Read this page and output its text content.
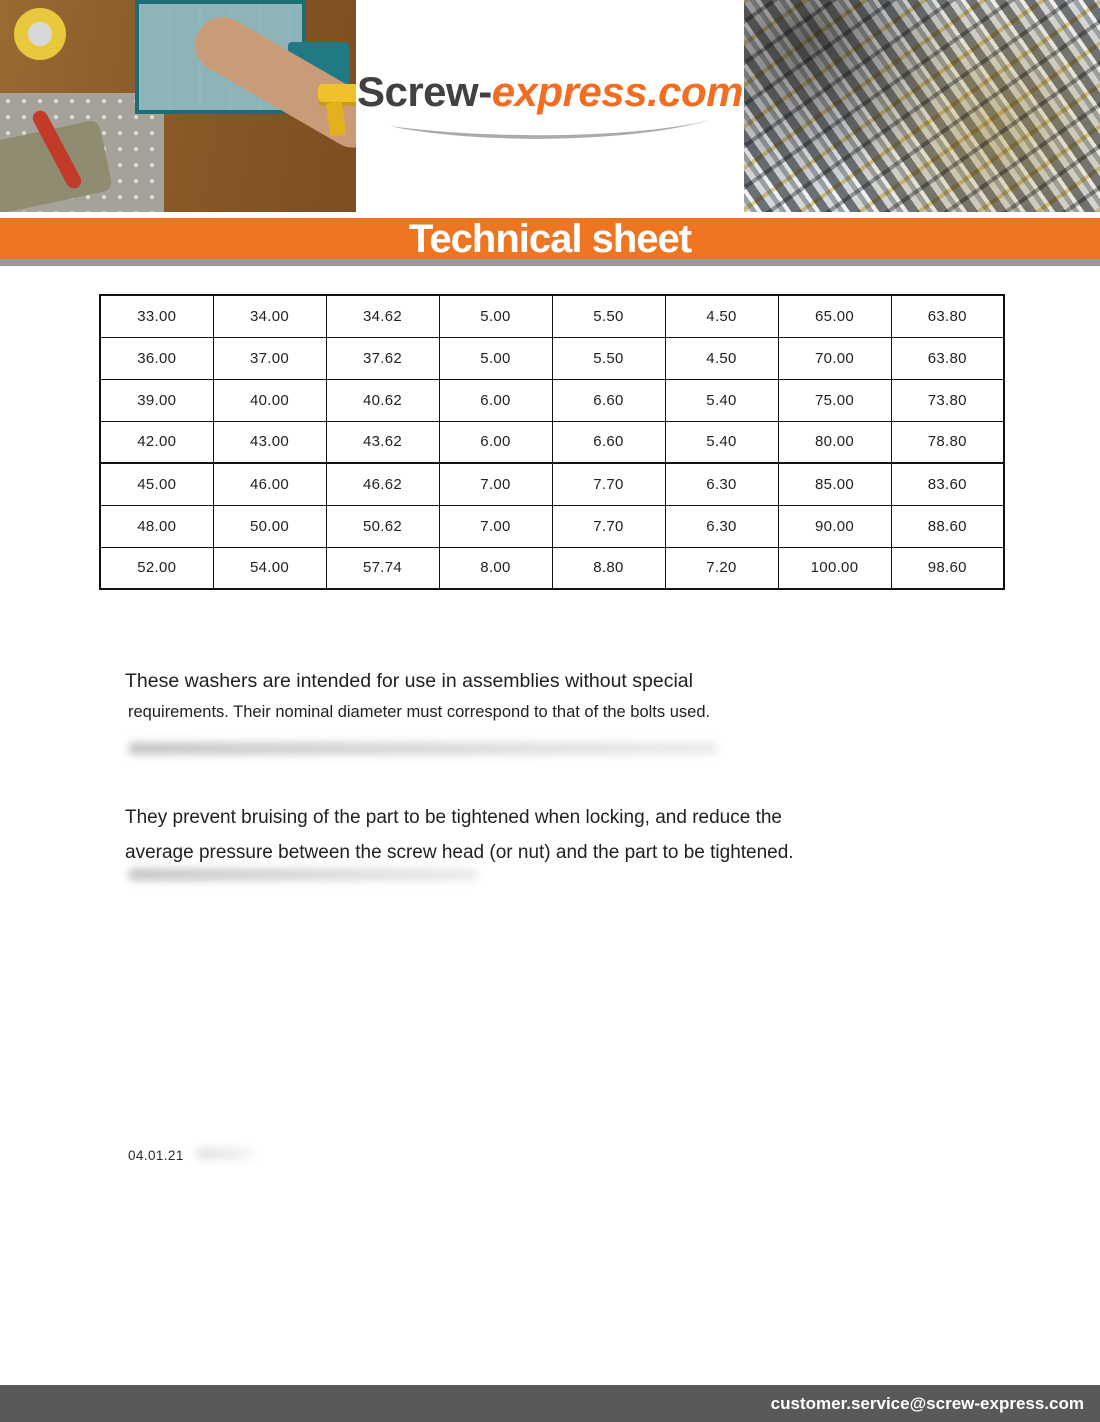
Screw-express.com
Technical sheet
33.00	34.00	34.62	5.00	5.50	4.50	65.00	63.80
36.00	37.00	37.62	5.00	5.50	4.50	70.00	63.80
39.00	40.00	40.62	6.00	6.60	5.40	75.00	73.80
42.00	43.00	43.62	6.00	6.60	5.40	80.00	78.80
45.00	46.00	46.62	7.00	7.70	6.30	85.00	83.60
48.00	50.00	50.62	7.00	7.70	6.30	90.00	88.60
52.00	54.00	57.74	8.00	8.80	7.20	100.00	98.60
These washers are intended for use in assemblies without special
requirements. Their nominal diameter must correspond to that of the bolts used.
They prevent bruising of the part to be tightened when locking, and reduce the
average pressure between the screw head (or nut) and the part to be tightened.
04.01.21
customer.service@screw-express.com
